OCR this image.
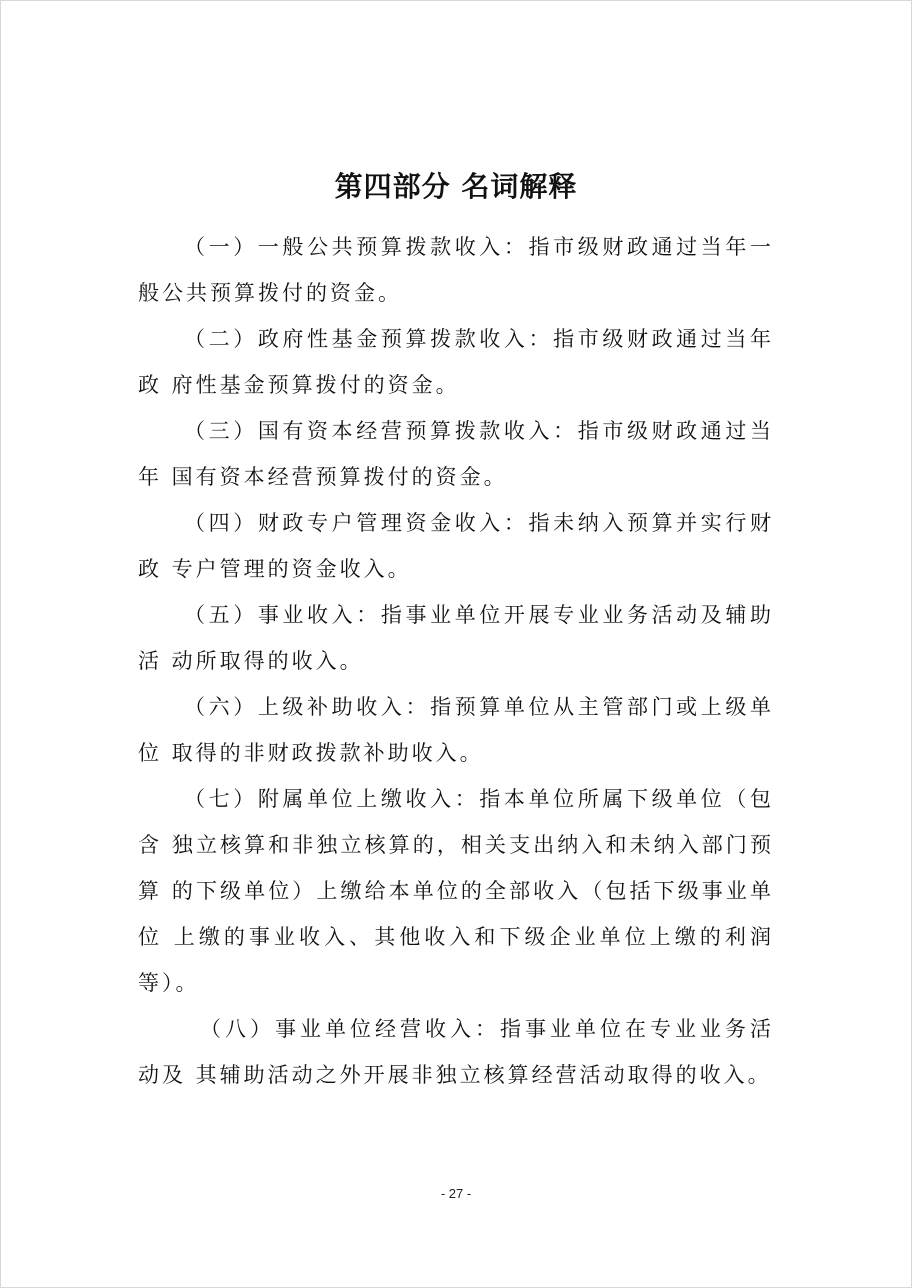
第四部分 名词解释

（一）一般公共预算拨款收入：指市级财政通过当年一般公共预算拨付的资金。

（二）政府性基金预算拨款收入：指市级财政通过当年政 府性基金预算拨付的资金。

（三）国有资本经营预算拨款收入：指市级财政通过当年 国有资本经营预算拨付的资金。

（四）财政专户管理资金收入：指未纳入预算并实行财政 专户管理的资金收入。

（五）事业收入：指事业单位开展专业业务活动及辅助活 动所取得的收入。

（六）上级补助收入：指预算单位从主管部门或上级单位 取得的非财政拨款补助收入。

（七）附属单位上缴收入：指本单位所属下级单位（包含 独立核算和非独立核算的，相关支出纳入和未纳入部门预算 的下级单位）上缴给本单位的全部收入（包括下级事业单位 上缴的事业收入、其他收入和下级企业单位上缴的利润等）。

（八）事业单位经营收入：指事业单位在专业业务活动及 其辅助活动之外开展非独立核算经营活动取得的收入。

- 27 -
